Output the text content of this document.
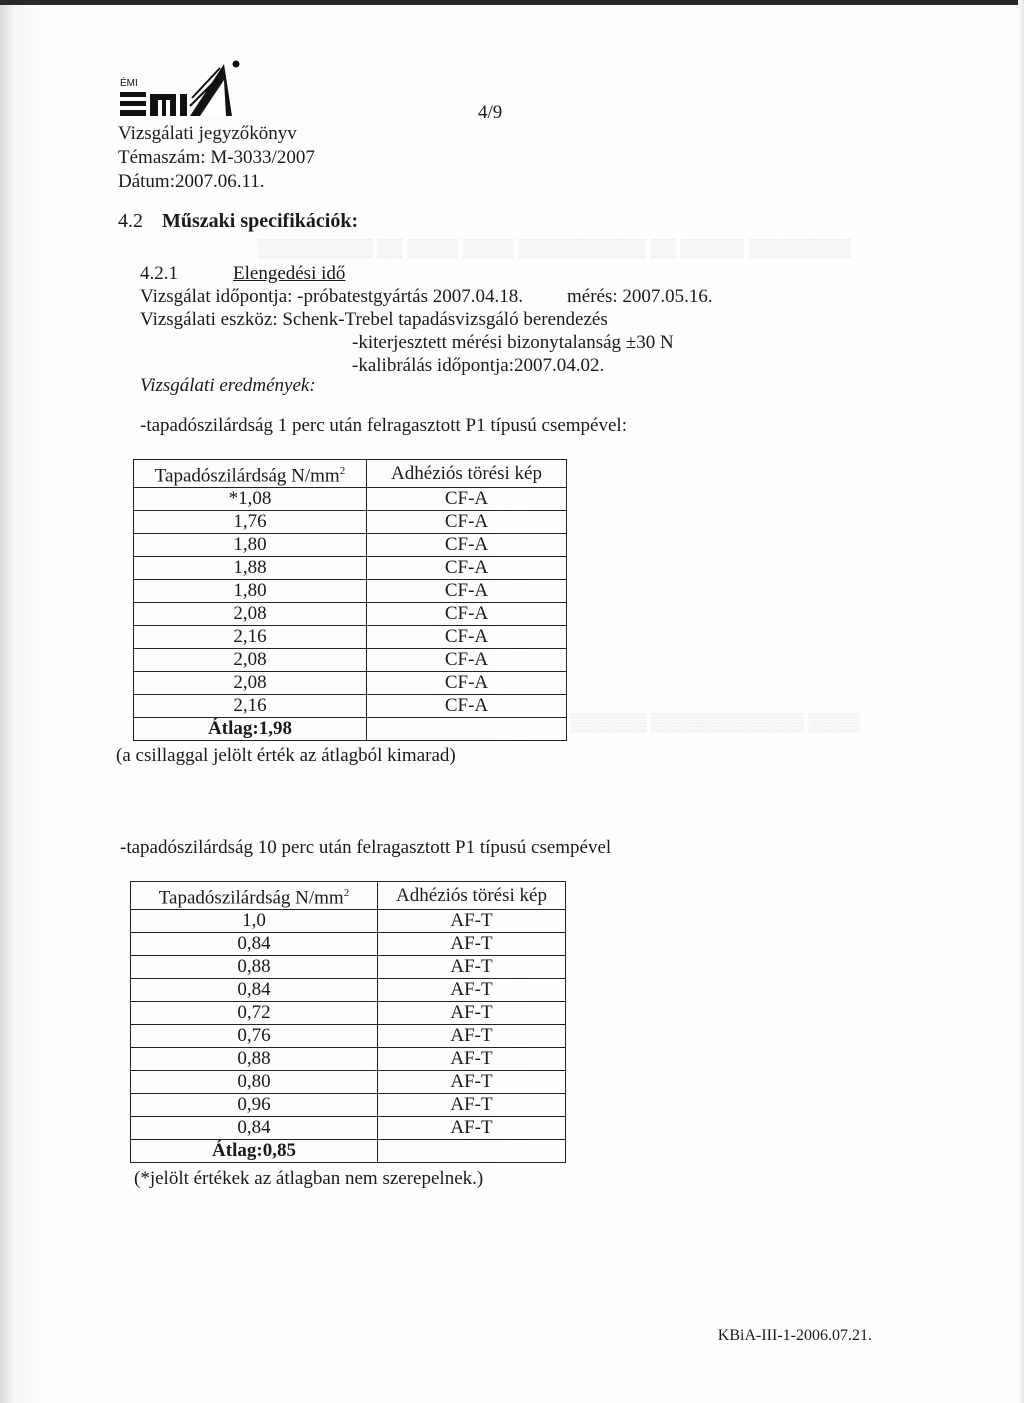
▒▒▒▒▒▒▒▒▒ ▒▒ ▒▒▒▒ ▒▒▒▒ ▒▒▒▒▒▒▒▒▒▒ ▒▒ ▒▒▒▒▒ ▒▒▒▒▒▒▒▒
▒▒▒▒▒▒ ▒▒▒▒▒▒▒▒▒▒▒▒ ▒▒▒▒
ÉMI
Vizsgálati jegyzőkönyv
Témaszám: M-3033/2007
Dátum:2007.06.11.
4/9
4.2 Műszaki specifikációk:
4.2.1	Elengedési idő
Vizsgálat időpontja: -próbatestgyártás 2007.04.18. mérés: 2007.05.16.
Vizsgálati eszköz: Schenk-Trebel tapadásvizsgáló berendezés
-kiterjesztett mérési bizonytalanság ±30 N
-kalibrálás időpontja:2007.04.02.
Vizsgálati eredmények:
-tapadószilárdság 1 perc után felragasztott P1 típusú csempével:
Tapadószilárdság $N/mm^2$	Adhéziós törési kép
*1,08	CF-A
1,76	CF-A
1,80	CF-A
1,88	CF-A
1,80	CF-A
2,08	CF-A
2,16	CF-A
2,08	CF-A
2,08	CF-A
2,16	CF-A
Átlag:1,98	
(a csillaggal jelölt érték az átlagból kimarad)
-tapadószilárdság 10 perc után felragasztott P1 típusú csempével
Tapadószilárdság $N/mm^2$	Adhéziós törési kép
1,0	AF-T
0,84	AF-T
0,88	AF-T
0,84	AF-T
0,72	AF-T
0,76	AF-T
0,88	AF-T
0,80	AF-T
0,96	AF-T
0,84	AF-T
Átlag:0,85	
(*jelölt értékek az átlagban nem szerepelnek.)
KBiA-III-1-2006.07.21.
